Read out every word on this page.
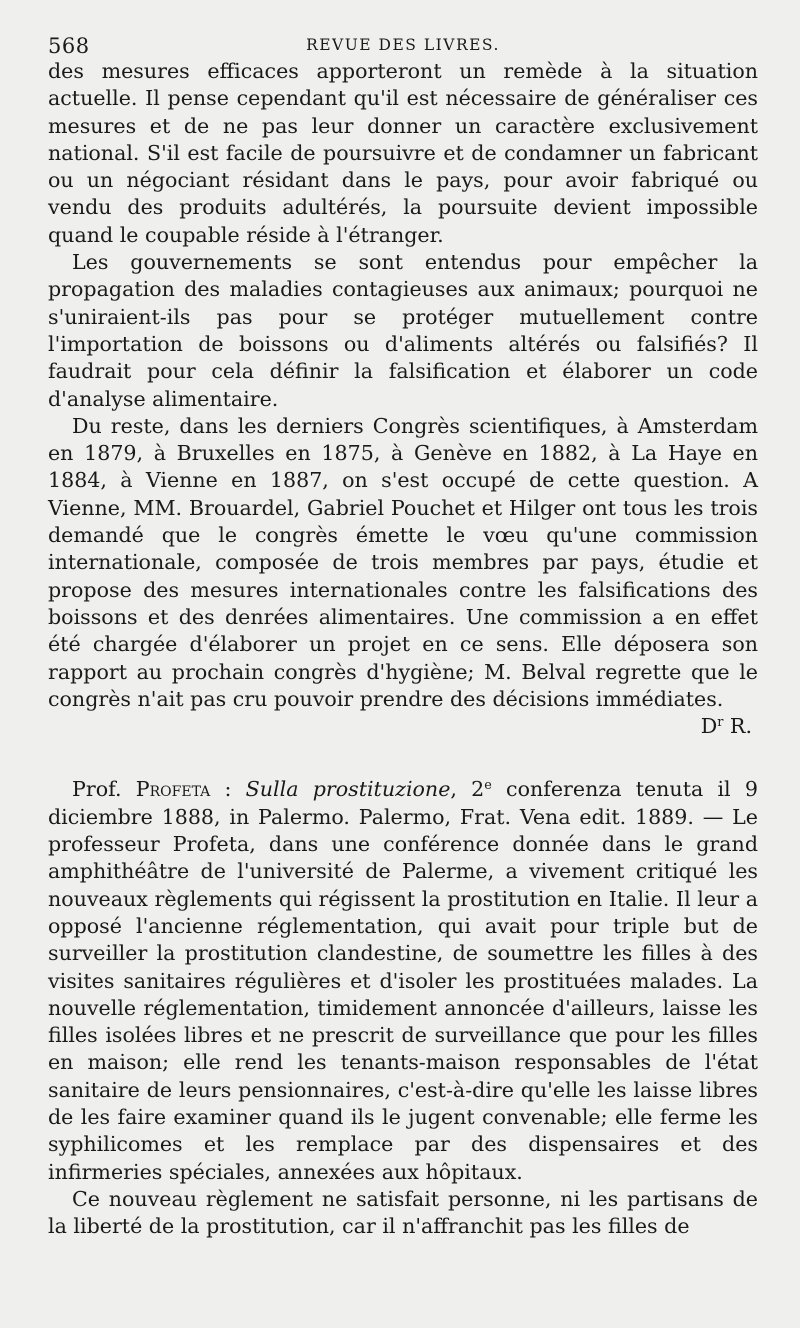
568	REVUE DES LIVRES.

des mesures efficaces apporteront un remède à la situation actuelle. Il pense cependant qu'il est nécessaire de généraliser ces mesures et de ne pas leur donner un caractère exclusivement national. S'il est facile de poursuivre et de condamner un fabricant ou un négociant résidant dans le pays, pour avoir fabriqué ou vendu des produits adultérés, la poursuite devient impossible quand le coupable réside à l'étranger.

Les gouvernements se sont entendus pour empêcher la propagation des maladies contagieuses aux animaux; pourquoi ne s'uniraient-ils pas pour se protéger mutuellement contre l'importation de boissons ou d'aliments altérés ou falsifiés? Il faudrait pour cela définir la falsification et élaborer un code d'analyse alimentaire.

Du reste, dans les derniers Congrès scientifiques, à Amsterdam en 1879, à Bruxelles en 1875, à Genève en 1882, à La Haye en 1884, à Vienne en 1887, on s'est occupé de cette question. A Vienne, MM. Brouardel, Gabriel Pouchet et Hilger ont tous les trois demandé que le congrès émette le vœu qu'une commission internationale, composée de trois membres par pays, étudie et propose des mesures internationales contre les falsifications des boissons et des denrées alimentaires. Une commission a en effet été chargée d'élaborer un projet en ce sens. Elle déposera son rapport au prochain congrès d'hygiène; M. Belval regrette que le congrès n'ait pas cru pouvoir prendre des décisions immédiates.

$D^r$ R.

Prof. Profeta : Sulla prostituzione, 2e conferenza tenuta il 9 diciembre 1888, in Palermo. Palermo, Frat. Vena edit. 1889. — Le professeur Profeta, dans une conférence donnée dans le grand amphithéâtre de l'université de Palerme, a vivement critiqué les nouveaux règlements qui régissent la prostitution en Italie. Il leur a opposé l'ancienne réglementation, qui avait pour triple but de surveiller la prostitution clandestine, de soumettre les filles à des visites sanitaires régulières et d'isoler les prostituées malades. La nouvelle réglementation, timidement annoncée d'ailleurs, laisse les filles isolées libres et ne prescrit de surveillance que pour les filles en maison; elle rend les tenants-maison responsables de l'état sanitaire de leurs pensionnaires, c'est-à-dire qu'elle les laisse libres de les faire examiner quand ils le jugent convenable; elle ferme les syphilicomes et les remplace par des dispensaires et des infirmeries spéciales, annexées aux hôpitaux.

Ce nouveau règlement ne satisfait personne, ni les partisans de la liberté de la prostitution, car il n'affranchit pas les filles de
